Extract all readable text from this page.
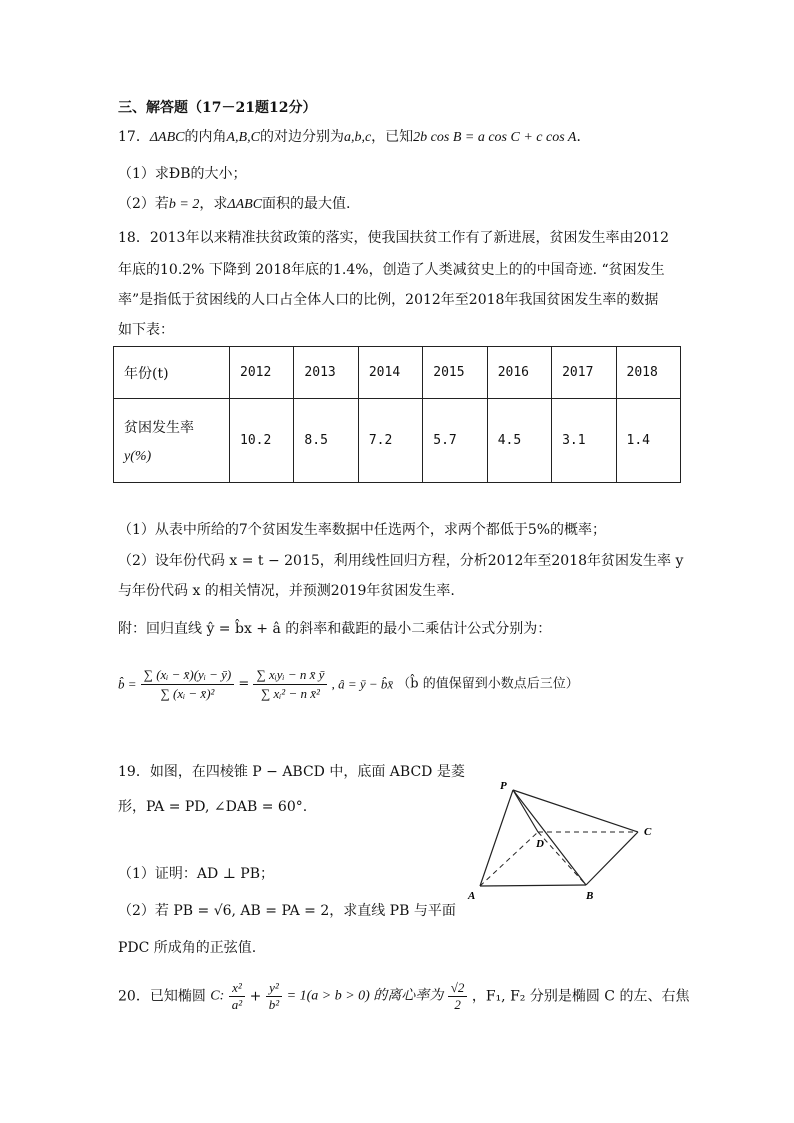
三、解答题（17－21题12分）
17．ΔABC的内角A,B,C的对边分别为a,b,c，已知2b cos B = a cos C + c cos A．
（1）求ÐB的大小；
（2）若b = 2，求ΔABC面积的最大值.
18．2013年以来精准扶贫政策的落实，使我国扶贫工作有了新进展，贫困发生率由2012
年底的10.2% 下降到 2018年底的1.4%，创造了人类减贫史上的的中国奇迹. “贫困发生
率”是指低于贫困线的人口占全体人口的比例，2012年至2018年我国贫困发生率的数据
如下表：
年份(t)	2012	2013	2014	2015	2016	2017	2018

贫困发生率
y(%)	10.2	8.5	7.2	5.7	4.5	3.1	1.4
（1）从表中所给的7个贫困发生率数据中任选两个，求两个都低于5%的概率；
（2）设年份代码 x = t − 2015，利用线性回归方程，分析2012年至2018年贫困发生率 y
与年份代码 x 的相关情况，并预测2019年贫困发生率.
附：回归直线 ŷ = b̂x + â 的斜率和截距的最小二乘估计公式分别为：
b̂ = $\frac{\text{∑ (xᵢ − x̄)(yᵢ − ȳ)}}{\text{∑ (xᵢ − x̄)²}} = \frac{\text{∑ xᵢyᵢ − n x̄ ȳ}}{\text{∑ xᵢ² − n x̄²}}$ , â = ȳ − b̂x̄ （b̂ 的值保留到小数点后三位）
19．如图，在四棱锥 P − ABCD 中，底面 ABCD 是菱
形，PA = PD, ∠DAB = 60°.
（1）证明：AD ⊥ PB；
（2）若 PB = √6, AB = PA = 2，求直线 PB 与平面
PDC 所成角的正弦值.
P
A	B
C
D
20．已知椭圆 C: $\frac{\text{x²}}{\text{a²}} + \frac{\text{y²}}{\text{b²}} = 1(a > b > 0)$ 的离心率为 $\frac{√2}{2}$ ，F₁, F₂ 分别是椭圆 C 的左、右焦
